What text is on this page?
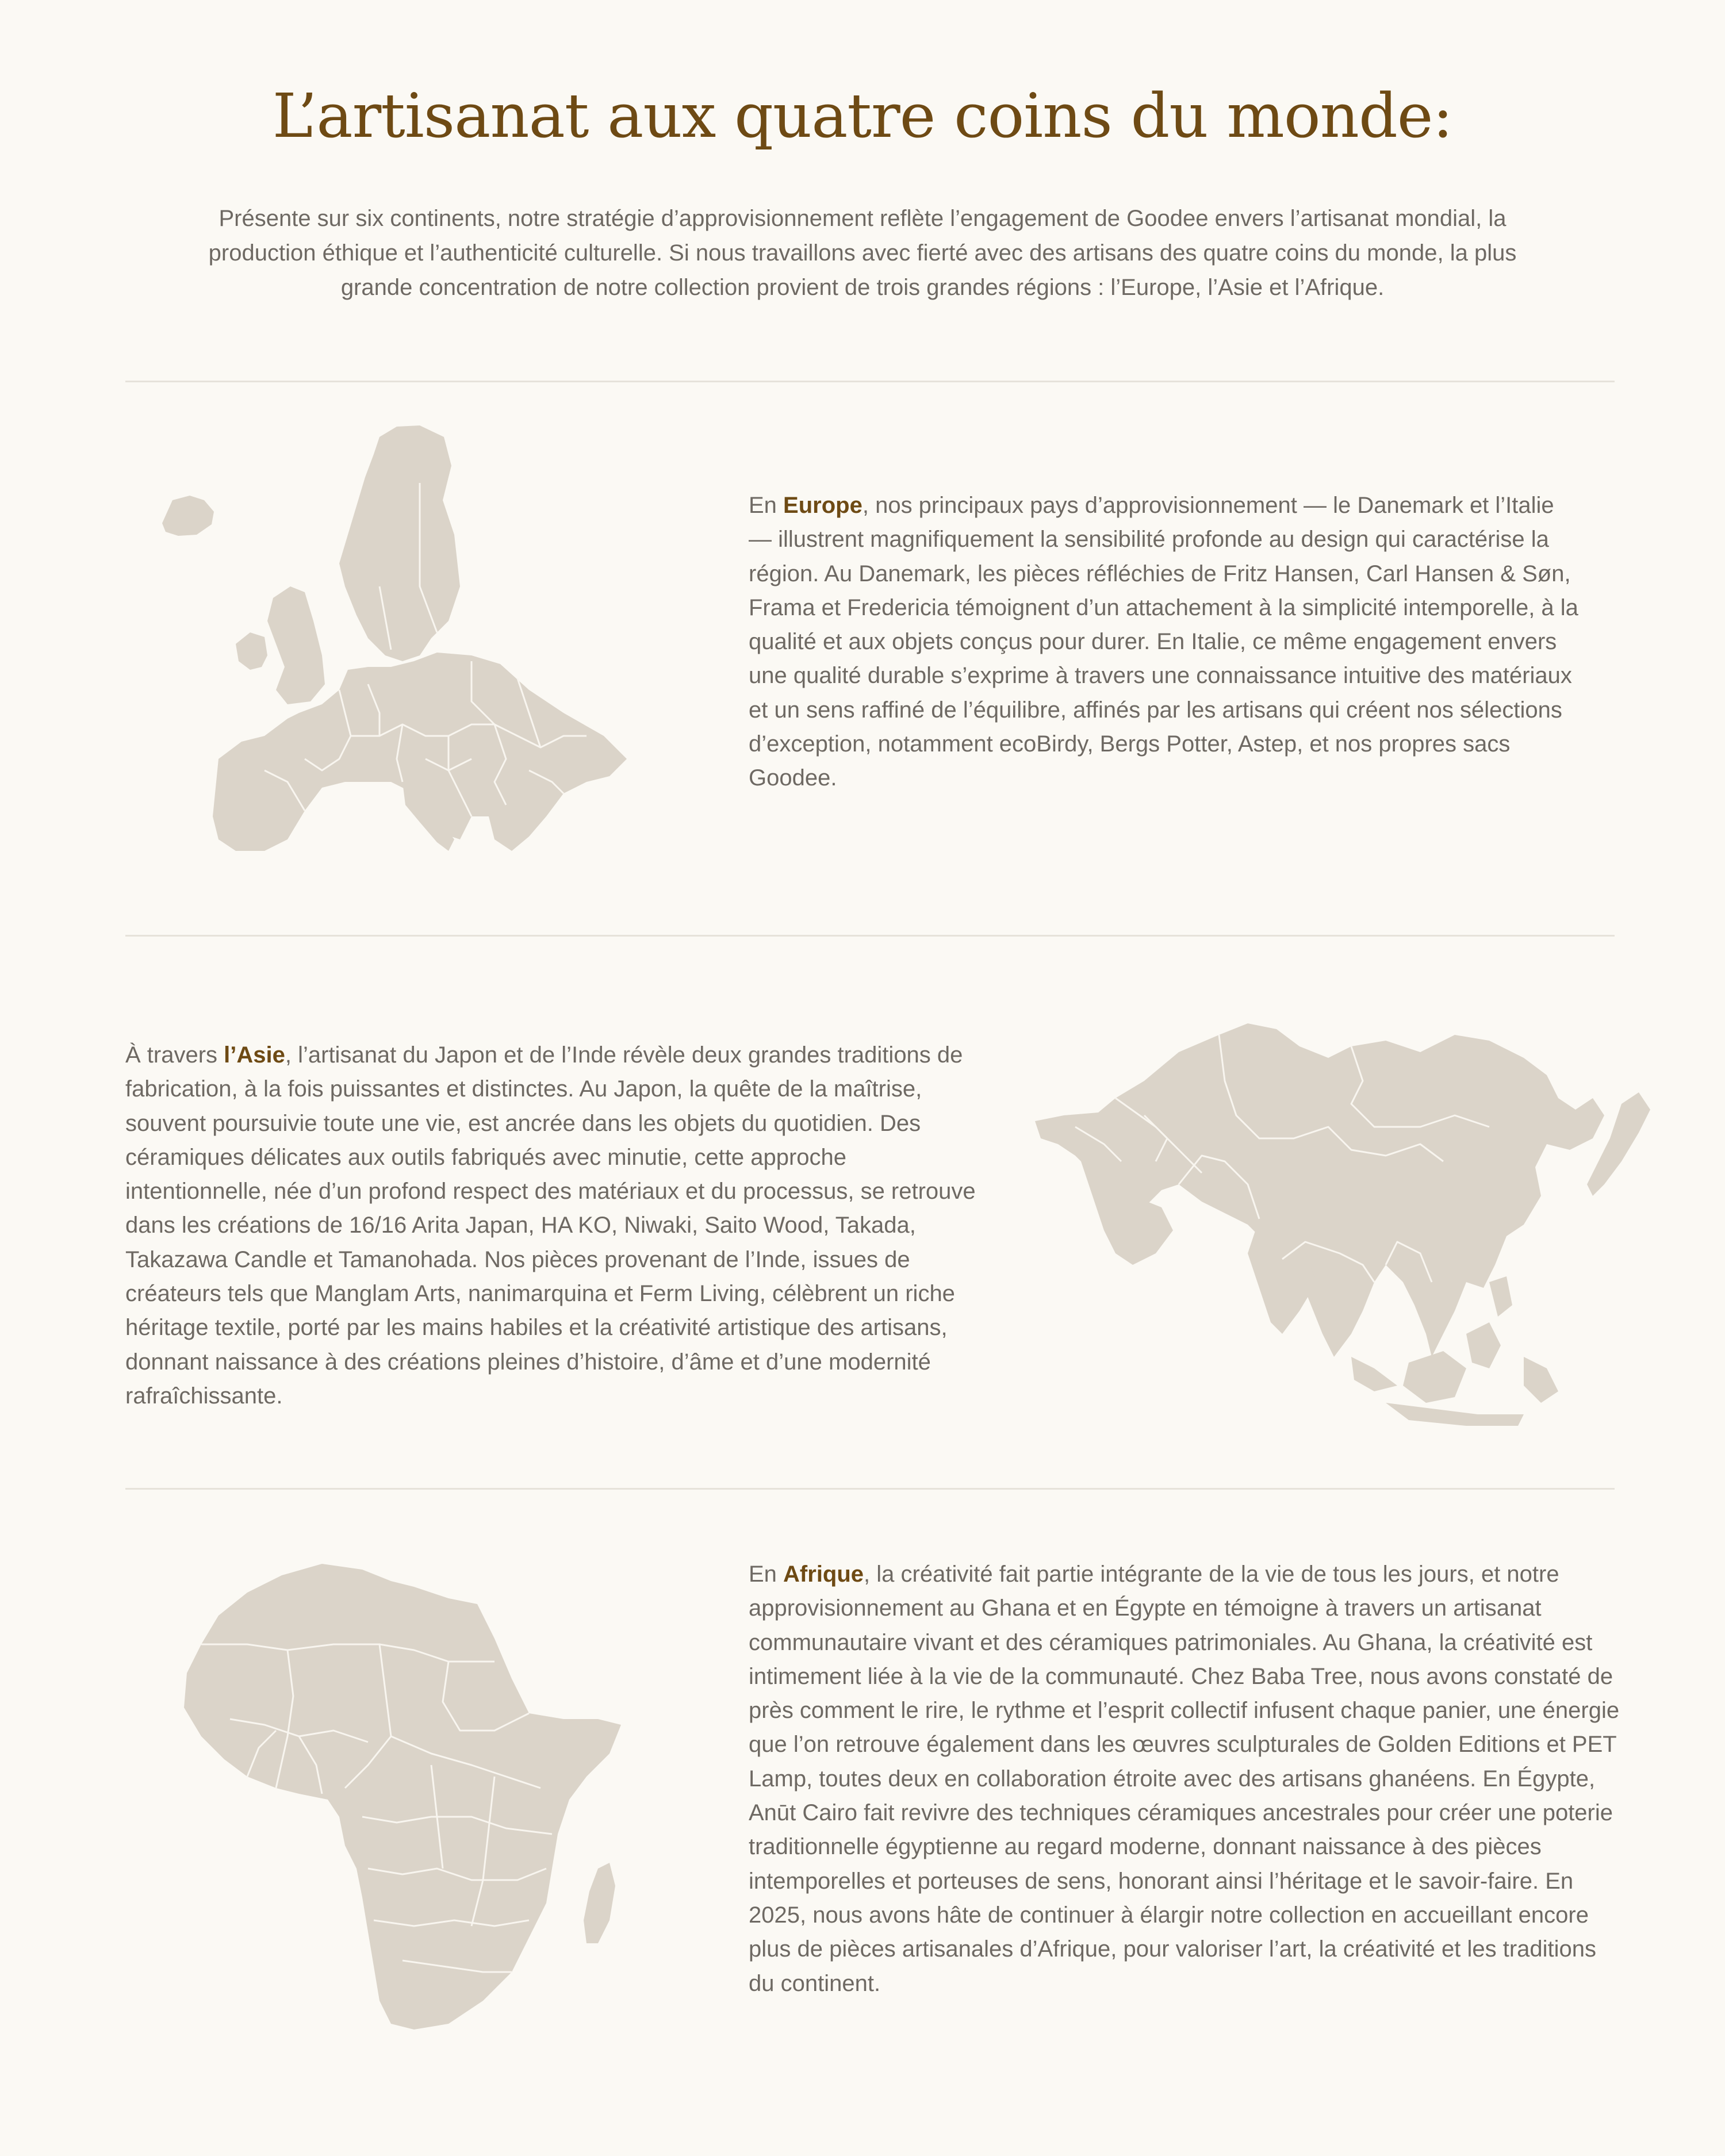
L’artisanat aux quatre coins du monde:

Présente sur six continents, notre stratégie d’approvisionnement reflète l’engagement de Goodee envers l’artisanat mondial, la production éthique et l’authenticité culturelle. Si nous travaillons avec fierté avec des artisans des quatre coins du monde, la plus grande concentration de notre collection provient de trois grandes régions : l’Europe, l’Asie et l’Afrique.

En Europe, nos principaux pays d’approvisionnement — le Danemark et l’Italie — illustrent magnifiquement la sensibilité profonde au design qui caractérise la région. Au Danemark, les pièces réfléchies de Fritz Hansen, Carl Hansen & Søn, Frama et Fredericia témoignent d’un attachement à la simplicité intemporelle, à la qualité et aux objets conçus pour durer. En Italie, ce même engagement envers une qualité durable s’exprime à travers une connaissance intuitive des matériaux et un sens raffiné de l’équilibre, affinés par les artisans qui créent nos sélections d’exception, notamment ecoBirdy, Bergs Potter, Astep, et nos propres sacs Goodee.

À travers l’Asie, l’artisanat du Japon et de l’Inde révèle deux grandes traditions de fabrication, à la fois puissantes et distinctes. Au Japon, la quête de la maîtrise, souvent poursuivie toute une vie, est ancrée dans les objets du quotidien. Des céramiques délicates aux outils fabriqués avec minutie, cette approche intentionnelle, née d’un profond respect des matériaux et du processus, se retrouve dans les créations de 16/16 Arita Japan, HA KO, Niwaki, Saito Wood, Takada, Takazawa Candle et Tamanohada. Nos pièces provenant de l’Inde, issues de créateurs tels que Manglam Arts, nanimarquina et Ferm Living, célèbrent un riche héritage textile, porté par les mains habiles et la créativité artistique des artisans, donnant naissance à des créations pleines d’histoire, d’âme et d’une modernité rafraîchissante.

En Afrique, la créativité fait partie intégrante de la vie de tous les jours, et notre approvisionnement au Ghana et en Égypte en témoigne à travers un artisanat communautaire vivant et des céramiques patrimoniales. Au Ghana, la créativité est intimement liée à la vie de la communauté. Chez Baba Tree, nous avons constaté de près comment le rire, le rythme et l’esprit collectif infusent chaque panier, une énergie que l’on retrouve également dans les œuvres sculpturales de Golden Editions et PET Lamp, toutes deux en collaboration étroite avec des artisans ghanéens. En Égypte, Anūt Cairo fait revivre des techniques céramiques ancestrales pour créer une poterie traditionnelle égyptienne au regard moderne, donnant naissance à des pièces intemporelles et porteuses de sens, honorant ainsi l’héritage et le savoir-faire. En 2025, nous avons hâte de continuer à élargir notre collection en accueillant encore plus de pièces artisanales d’Afrique, pour valoriser l’art, la créativité et les traditions du continent.
